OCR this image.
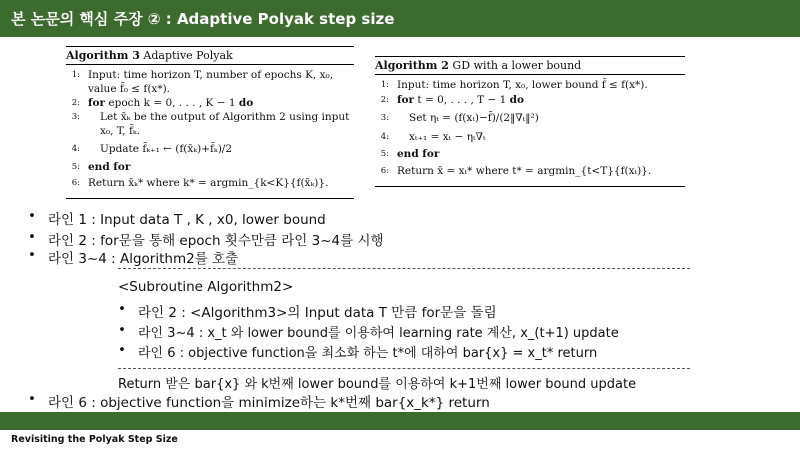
본 논문의 핵심 주장 ② : Adaptive Polyak step size
Algorithm 3 Adaptive Polyak
1: Input: time horizon T, number of epochs K, x₀,
value f̃₀ ≤ f(x*).
2: for epoch k = 0, . . . , K − 1 do
3: Let x̄ₖ be the output of Algorithm 2 using input
x₀, T, f̃ₖ.
4: Update f̃ₖ₊₁ ← (f(x̄ₖ)+f̃ₖ)/2
5: end for
6: Return x̄ₖ* where k* = argmin_{k<K}{f(x̄ₖ)}.
Algorithm 2 GD with a lower bound
1: Input: time horizon T, x₀, lower bound f̃ ≤ f(x*).
2: for t = 0, . . . , T − 1 do
3: Set ηₜ = (f(xₜ)−f̃)/(2‖∇ₜ‖²)
4: xₜ₊₁ = xₜ − ηₜ∇ₜ
5: end for
6: Return x̄ = xₜ* where t* = argmin_{t<T}{f(xₜ)}.
• 라인 1 : Input data T , K , x0, lower bound
• 라인 2 : for문을 통해 epoch 횟수만큼 라인 3~4를 시행
• 라인 3~4 : Algorithm2를 호출
<Subroutine Algorithm2>
• 라인 2 : <Algorithm3>의 Input data T 만큼 for문을 돌림
• 라인 3~4 : x_t 와 lower bound를 이용하여 learning rate 계산, x_(t+1) update
• 라인 6 : objective function을 최소화 하는 t*에 대하여 bar{x} = x_t* return
Return 받은 bar{x} 와 k번째 lower bound를 이용하여 k+1번째 lower bound update
• 라인 6 : objective function을 minimize하는 k*번째 bar{x_k*} return
Revisiting the Polyak Step Size
